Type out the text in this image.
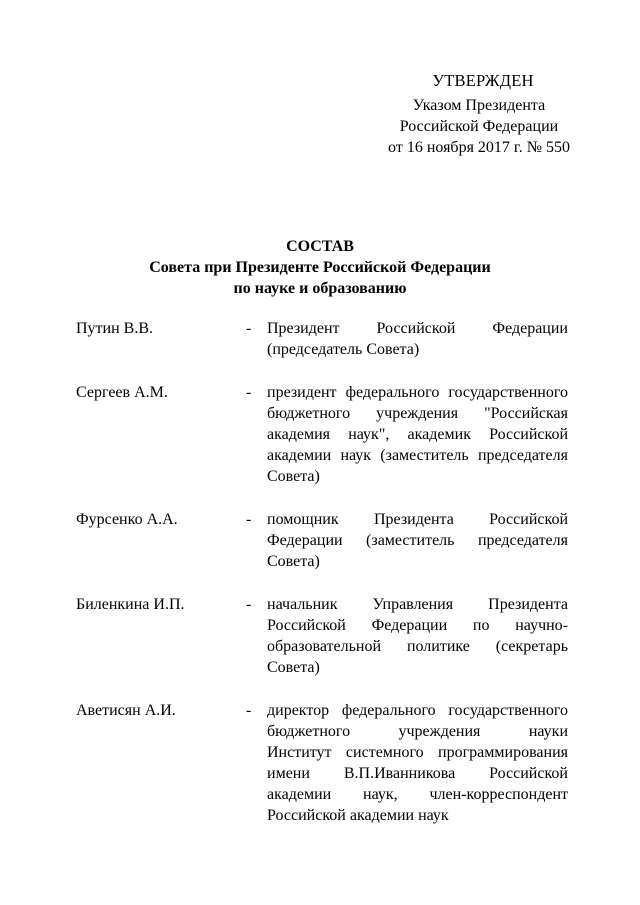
УТВЕРЖДЕН
Указом Президента
Российской Федерации
от 16 ноября 2017 г. № 550
СОСТАВ
Совета при Президенте Российской Федерации
по науке и образованию
Путин В.В.	- Президент Российской Федерации
(председатель Совета)
Сергеев А.М.	- президент федерального государственного
бюджетного учреждения "Российская
академия наук", академик Российской
академии наук (заместитель председателя
Совета)
Фурсенко А.А.	- помощник Президента Российской
Федерации (заместитель председателя
Совета)
Биленкина И.П.	- начальник Управления Президента
Российской Федерации по научно-
образовательной политике (секретарь
Совета)
Аветисян А.И.	- директор федерального государственного
бюджетного учреждения науки
Институт системного программирования
имени В.П.Иванникова Российской
академии наук, член-корреспондент
Российской академии наук
